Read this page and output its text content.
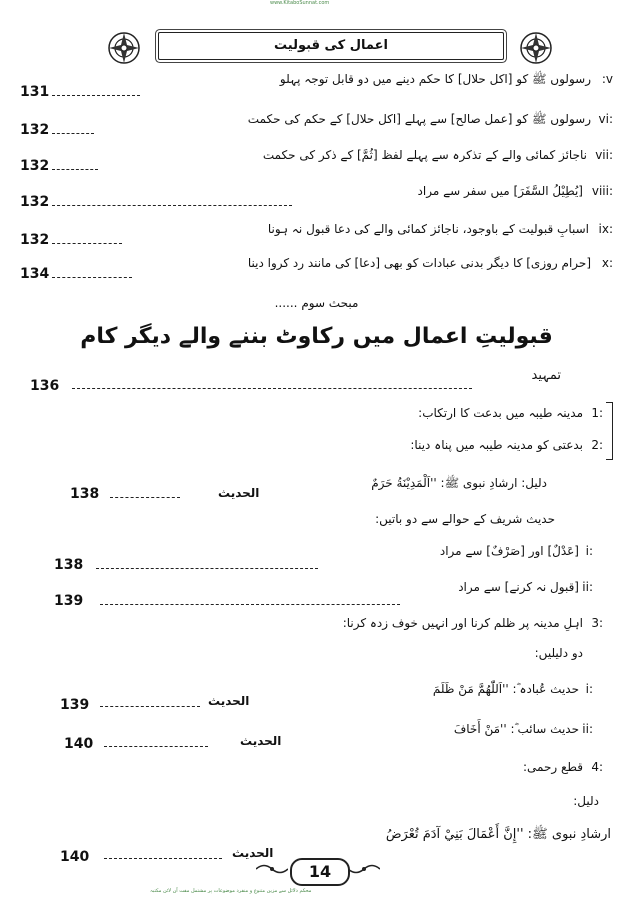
www.KitaboSunnat.com
اعمال کی قبولیت
v:
رسولوں ﷺ کو [اکل حلال] کا حکم دینے میں دو قابل توجہ پہلو
vi:
رسولوں ﷺ کو [عمل صالح] سے پہلے [اکل حلال] کے حکم کی حکمت
vii:
ناجائز کمائی والے کے تذکرہ سے پہلے لفظ [ثُمَّ] کے ذکر کی حکمت
viii:
[یُطِیْلُ السَّفَرَ] میں سفر سے مراد
ix:
اسبابِ قبولیت کے باوجود، ناجائز کمائی والے کی دعا قبول نہ ہونا
x:
[حرام روزی] کا دیگر بدنی عبادات کو بھی [دعا] کی مانند رد کروا دینا
131
132
132
132
132
134
مبحث سوم ......
قبولیتِ اعمال میں رکاوٹ بننے والے دیگر کام
تمہید
136
1:
مدینہ طیبہ میں بدعت کا ارتکاب:
2:
بدعتی کو مدینہ طیبہ میں پناہ دینا:
دلیل: ارشادِ نبوی ﷺ: ''اَلْمَدِيْنَةُ حَرَمٌ
الحدیث
138
حدیث شریف کے حوالے سے دو باتیں:
i:
[عَدْلٌ] اور [صَرْفٌ] سے مراد
138
ii:
[قبول نہ کرنے] سے مراد
139
3:
اہلِ مدینہ پر ظلم کرنا اور انہیں خوف زدہ کرنا:
دو دلیلیں:
i:
حدیث عُبادہ ؓ: ''اَللّٰهُمَّ مَنْ ظَلَمَ
الحدیث
139
ii:
حدیث سائب ؓ: ''مَنْ أَخَافَ
الحدیث
140
4:
قطع رحمی:
دلیل:
ارشادِ نبوی ﷺ: ''إِنَّ أَعْمَالَ بَنِيْ آدَمَ تُعْرَضُ
الحدیث
140
14
محکم دلائل سے مزین متنوع و منفرد موضوعات پر مشتمل مفت آن لائن مکتبہ
